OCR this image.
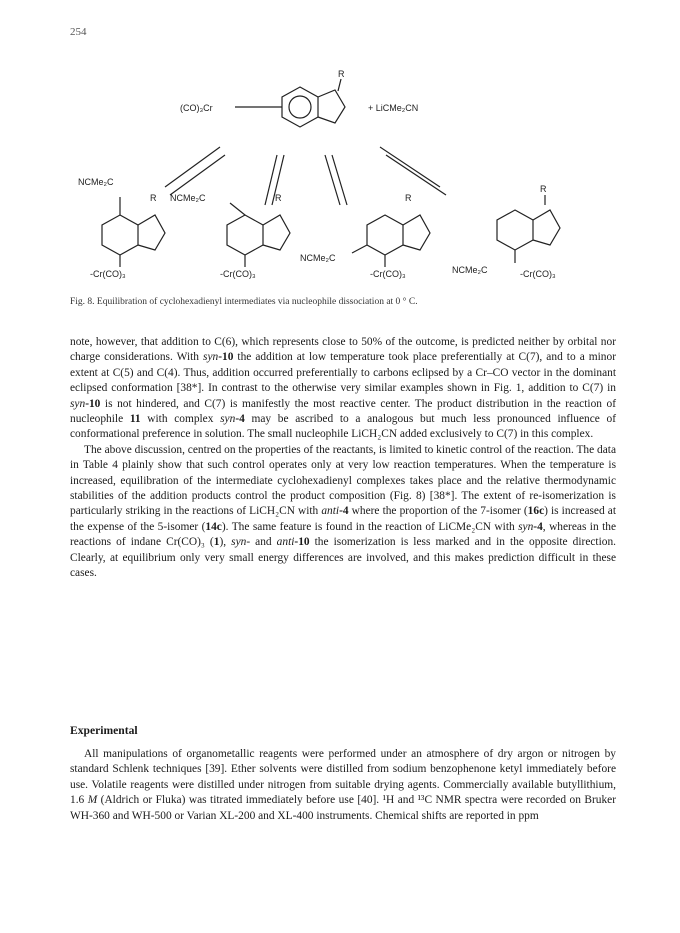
254
R
(CO)₃Cr	+ LiCMe₂CN
NCMe₂C
R
-Cr(CO)₃
NCMe₂C	R
-Cr(CO)₃
NCMe₂C
R
-Cr(CO)₃
R
NCMe₂C	-Cr(CO)₃
Fig. 8. Equilibration of cyclohexadienyl intermediates via nucleophile dissociation at 0 ° C.

note, however, that addition to C(6), which represents close to 50% of the outcome, is predicted neither by orbital nor charge considerations. With syn-10 the addition at low temperature took place preferentially at C(7), and to a minor extent at C(5) and C(4). Thus, addition occurred preferentially to carbons eclipsed by a Cr–CO vector in the dominant eclipsed conformation [38*]. In contrast to the otherwise very similar examples shown in Fig. 1, addition to C(7) in syn-10 is not hindered, and C(7) is manifestly the most reactive center. The product distribution in the reaction of nucleophile 11 with complex syn-4 may be ascribed to a analogous but much less pronounced influence of conformational preference in solution. The small nucleophile LiCH₂CN added exclusively to C(7) in this complex.

The above discussion, centred on the properties of the reactants, is limited to kinetic control of the reaction. The data in Table 4 plainly show that such control operates only at very low reaction temperatures. When the temperature is increased, equilibration of the intermediate cyclohexadienyl complexes takes place and the relative thermodynamic stabilities of the addition products control the product composition (Fig. 8) [38*]. The extent of re-isomerization is particularly striking in the reactions of LiCH₂CN with anti-4 where the proportion of the 7-isomer (16c) is increased at the expense of the 5-isomer (14c). The same feature is found in the reaction of LiCMe₂CN with syn-4, whereas in the reactions of indane Cr(CO)₃ (1), syn- and anti-10 the isomerization is less marked and in the opposite direction. Clearly, at equilibrium only very small energy differences are involved, and this makes prediction difficult in these cases.

Experimental

All manipulations of organometallic reagents were performed under an atmosphere of dry argon or nitrogen by standard Schlenk techniques [39]. Ether solvents were distilled from sodium benzophenone ketyl immediately before use. Volatile reagents were distilled under nitrogen from suitable drying agents. Commercially available butyllithium, 1.6 M (Aldrich or Fluka) was titrated immediately before use [40]. ¹H and ¹³C NMR spectra were recorded on Bruker WH-360 and WH-500 or Varian XL-200 and XL-400 instruments. Chemical shifts are reported in ppm
